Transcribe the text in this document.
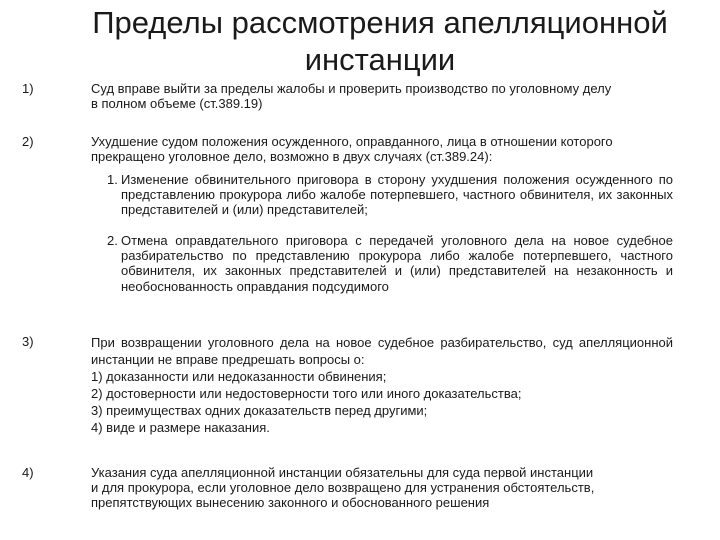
Пределы рассмотрения апелляционной
инстанции
1)	Суд вправе выйти за пределы жалобы и проверить производство по уголовному делу в полном объеме (ст.389.19)
2)	Ухудшение судом положения осужденного, оправданного, лица в отношении которого прекращено уголовное дело, возможно в двух случаях (ст.389.24):
1. Изменение обвинительного приговора в сторону ухудшения положения осужденного по представлению прокурора либо жалобе потерпевшего, частного обвинителя, их законных представителей и (или) представителей;
2. Отмена оправдательного приговора с передачей уголовного дела на новое судебное разбирательство по представлению прокурора либо жалобе потерпевшего, частного обвинителя, их законных представителей и (или) представителей на незаконность и необоснованность оправдания подсудимого
3)	При возвращении уголовного дела на новое судебное разбирательство, суд апелляционной инстанции не вправе предрешать вопросы о:
1) доказанности или недоказанности обвинения;
2) достоверности или недостоверности того или иного доказательства;
3) преимуществах одних доказательств перед другими;
4) виде и размере наказания.
4)	Указания суда апелляционной инстанции обязательны для суда первой инстанции и для прокурора, если уголовное дело возвращено для устранения обстоятельств, препятствующих вынесению законного и обоснованного решения
